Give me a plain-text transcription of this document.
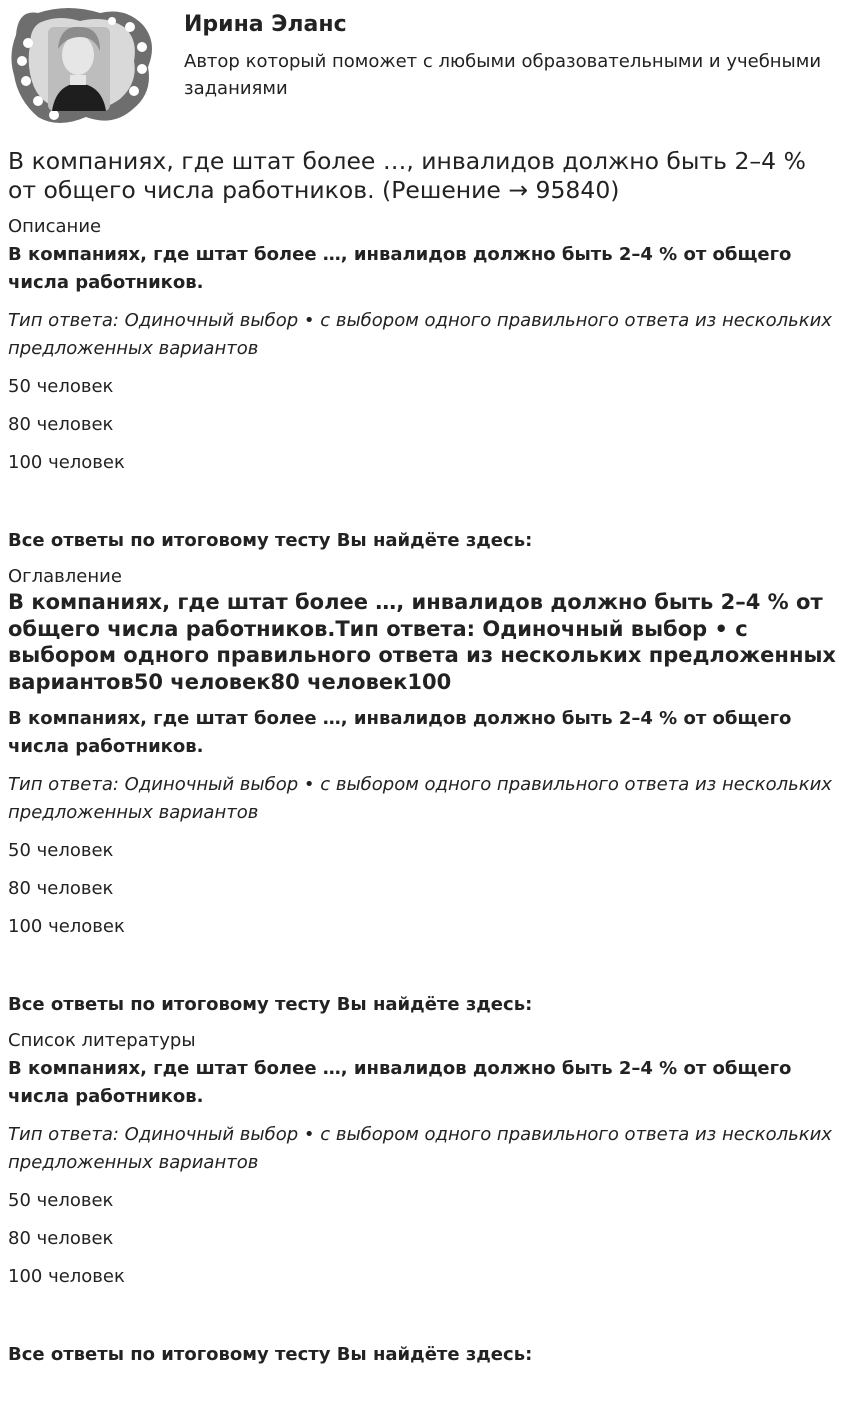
Ирина Эланс
Автор который поможет с любыми образовательными и учебными заданиями
В компаниях, где штат более …, инвалидов должно быть 2–4 % от общего числа работников. (Решение → 95840)
Описание
В компаниях, где штат более …, инвалидов должно быть 2–4 % от общего числа работников.
Тип ответа: Одиночный выбор • с выбором одного правильного ответа из нескольких предложенных вариантов
50 человек
80 человек
100 человек
Все ответы по итоговому тесту Вы найдёте здесь:
Оглавление
В компаниях, где штат более …, инвалидов должно быть 2–4 % от общего числа работников.Тип ответа: Одиночный выбор • с выбором одного правильного ответа из нескольких предложенных вариантов50 человек80 человек100
В компаниях, где штат более …, инвалидов должно быть 2–4 % от общего числа работников.
Тип ответа: Одиночный выбор • с выбором одного правильного ответа из нескольких предложенных вариантов
50 человек
80 человек
100 человек
Все ответы по итоговому тесту Вы найдёте здесь:
Список литературы
В компаниях, где штат более …, инвалидов должно быть 2–4 % от общего числа работников.
Тип ответа: Одиночный выбор • с выбором одного правильного ответа из нескольких предложенных вариантов
50 человек
80 человек
100 человек
Все ответы по итоговому тесту Вы найдёте здесь:
